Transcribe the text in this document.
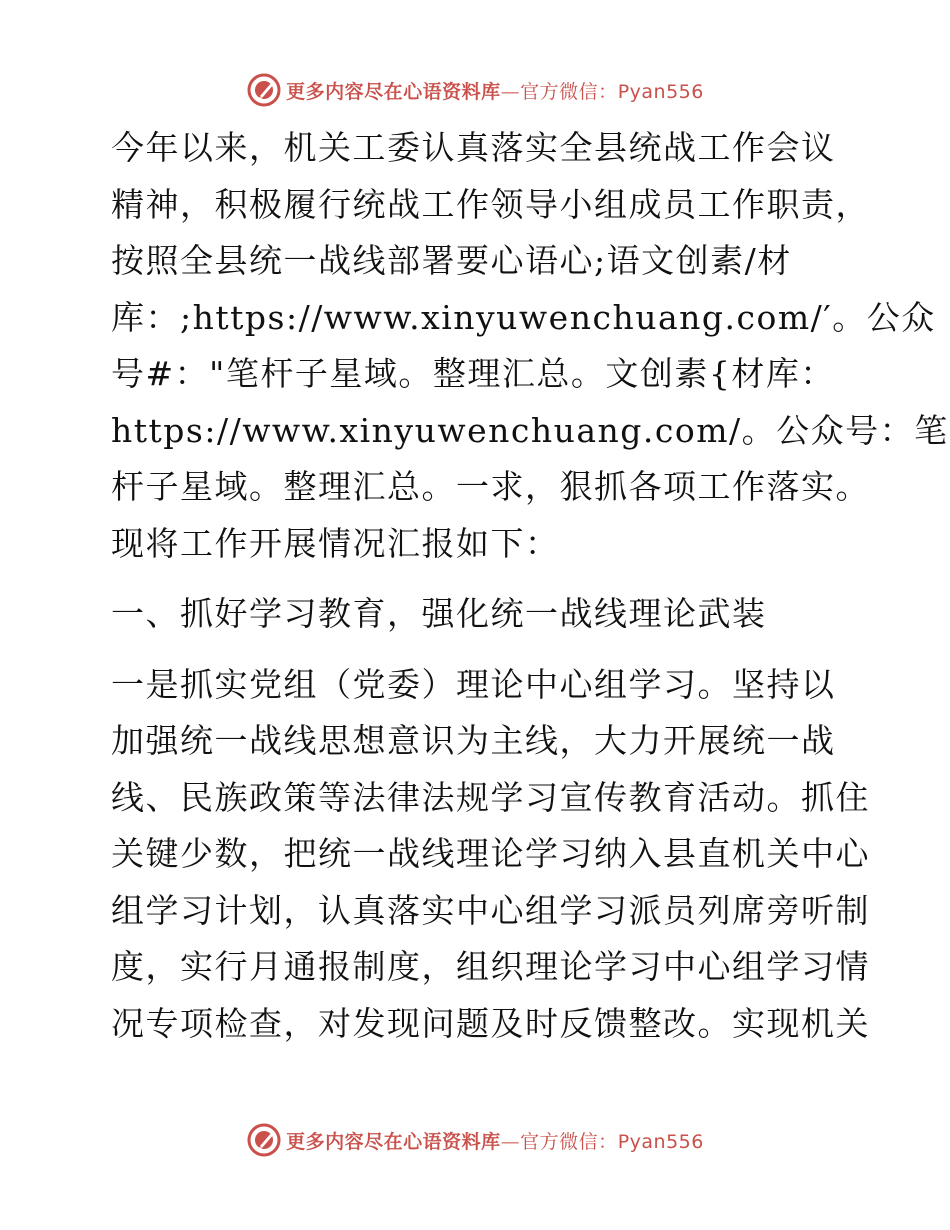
更多内容尽在心语资料库—官方微信：Pyan556

今年以来，机关工委认真落实全县统战工作会议
精神，积极履行统战工作领导小组成员工作职责，
按照全县统一战线部署要心语心;语文创素/材
库：;https://www.xinyuwenchuang.com/′。公众
号#："笔杆子星域。整理汇总。文创素{材库：
https://www.xinyuwenchuang.com/。公众号：笔
杆子星域。整理汇总。一求，狠抓各项工作落实。
现将工作开展情况汇报如下：

一、抓好学习教育，强化统一战线理论武装

一是抓实党组（党委）理论中心组学习。坚持以
加强统一战线思想意识为主线，大力开展统一战
线、民族政策等法律法规学习宣传教育活动。抓住
关键少数，把统一战线理论学习纳入县直机关中心
组学习计划，认真落实中心组学习派员列席旁听制
度，实行月通报制度，组织理论学习中心组学习情
况专项检查，对发现问题及时反馈整改。实现机关

更多内容尽在心语资料库—官方微信：Pyan556
